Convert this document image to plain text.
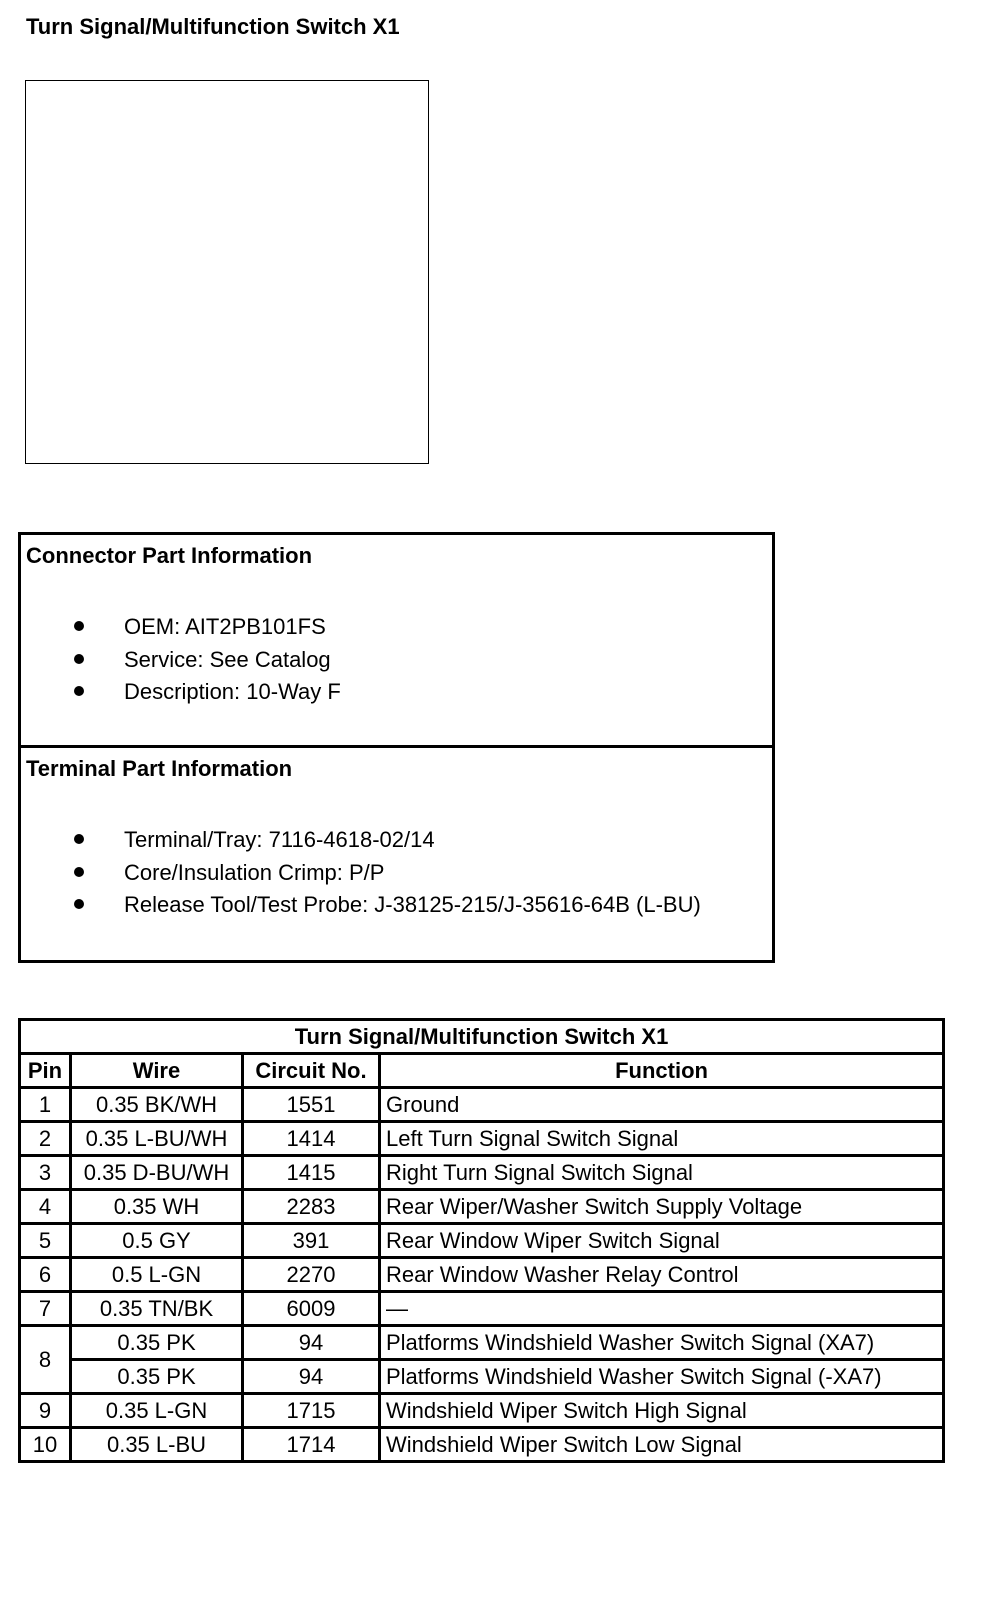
Turn Signal/Multifunction Switch X1
Connector Part Information
OEM: AIT2PB101FS
Service: See Catalog
Description: 10-Way F
Terminal Part Information
Terminal/Tray: 7116-4618-02/14
Core/Insulation Crimp: P/P
Release Tool/Test Probe: J-38125-215/J-35616-64B (L-BU)
Turn Signal/Multifunction Switch X1			
Pin	Wire	Circuit No.	Function
1	0.35 BK/WH	1551	Ground
2	0.35 L-BU/WH	1414	Left Turn Signal Switch Signal
3	0.35 D-BU/WH	1415	Right Turn Signal Switch Signal
4	0.35 WH	2283	Rear Wiper/Washer Switch Supply Voltage
5	0.5 GY	391	Rear Window Wiper Switch Signal
6	0.5 L-GN	2270	Rear Window Washer Relay Control
7	0.35 TN/BK	6009	—
8	0.35 PK	94	Platforms Windshield Washer Switch Signal (XA7)
	0.35 PK	94	Platforms Windshield Washer Switch Signal (-XA7)
9	0.35 L-GN	1715	Windshield Wiper Switch High Signal
10	0.35 L-BU	1714	Windshield Wiper Switch Low Signal
